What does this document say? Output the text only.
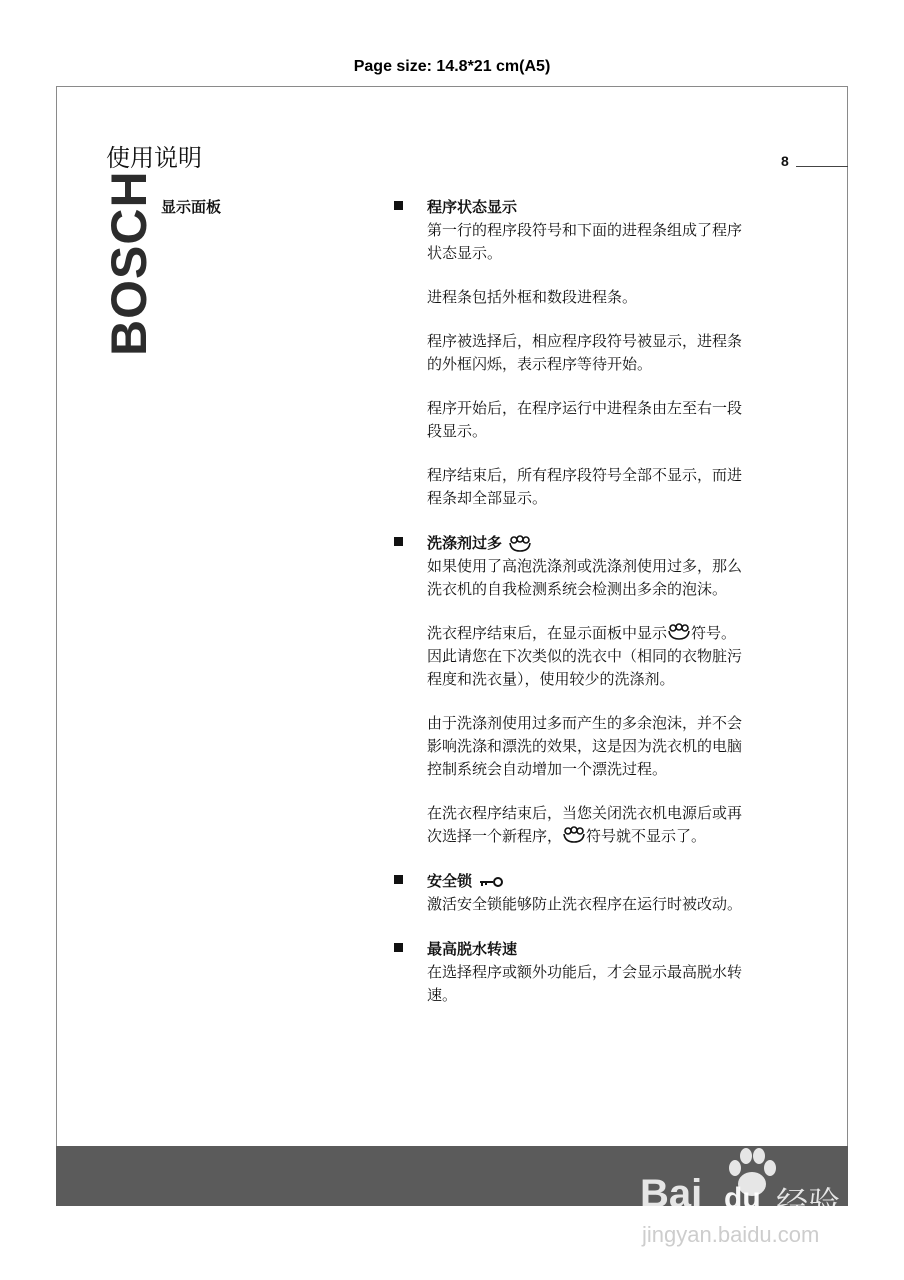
Page size: 14.8*21 cm(A5)
使用说明	8
BOSCH 显示面板	程序状态显示
第一行的程序段符号和下面的进程条组成了程序
状态显示。
进程条包括外框和数段进程条。
程序被选择后，相应程序段符号被显示，进程条
的外框闪烁，表示程序等待开始。
程序开始后，在程序运行中进程条由左至右一段
段显示。
程序结束后，所有程序段符号全部不显示，而进
程条却全部显示。
洗涤剂过多
如果使用了高泡洗涤剂或洗涤剂使用过多，那么
洗衣机的自我检测系统会检测出多余的泡沫。
洗衣程序结束后，在显示面板中显示 符号。
因此请您在下次类似的洗衣中（相同的衣物脏污
程度和洗衣量），使用较少的洗涤剂。
由于洗涤剂使用过多而产生的多余泡沫，并不会
影响洗涤和漂洗的效果，这是因为洗衣机的电脑
控制系统会自动增加一个漂洗过程。
在洗衣程序结束后，当您关闭洗衣机电源后或再
次选择一个新程序， 符号就不显示了。
安全锁
激活安全锁能够防止洗衣程序在运行时被改动。
最高脱水转速
在选择程序或额外功能后，才会显示最高脱水转
速。
Bai du 经验
jingyan.baidu.com
